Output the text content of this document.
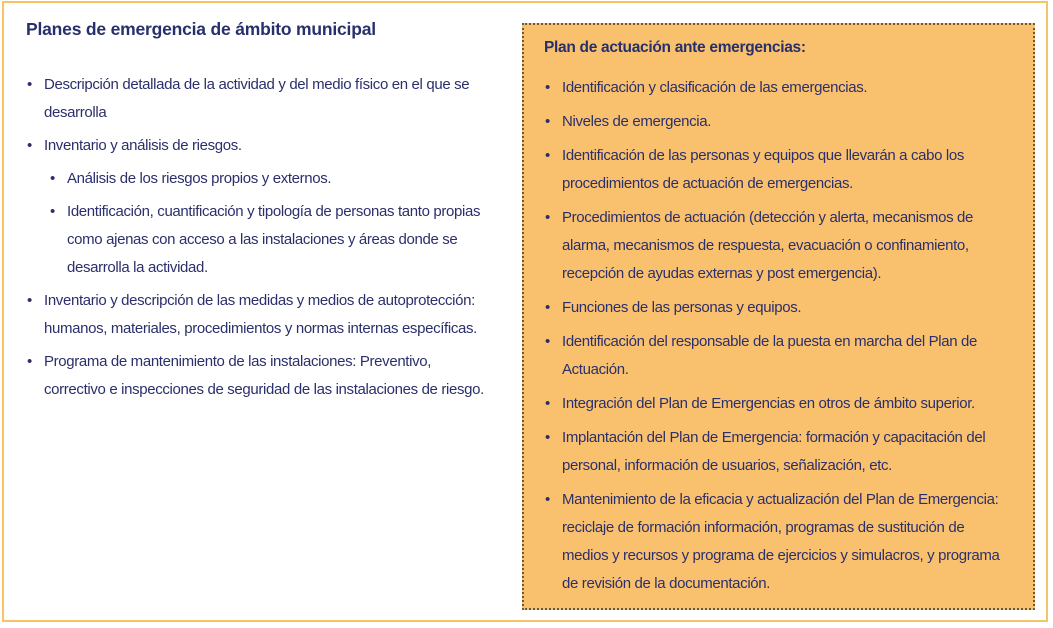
Planes de emergencia de ámbito municipal
• Descripción detallada de la actividad y del medio físico en el que se desarrolla
• Inventario y análisis de riesgos.
• Análisis de los riesgos propios y externos.
• Identificación, cuantificación y tipología de personas tanto propias como ajenas con acceso a las instalaciones y áreas donde se desarrolla la actividad.
• Inventario y descripción de las medidas y medios de autoprotección: humanos, materiales, procedimientos y normas internas específicas.
• Programa de mantenimiento de las instalaciones: Preventivo, correctivo e inspecciones de seguridad de las instalaciones de riesgo.
Plan de actuación ante emergencias:
• Identificación y clasificación de las emergencias.
• Niveles de emergencia.
• Identificación de las personas y equipos que llevarán a cabo los procedimientos de actuación de emergencias.
• Procedimientos de actuación (detección y alerta, mecanismos de alarma, mecanismos de respuesta, evacuación o confinamiento, recepción de ayudas externas y post emergencia).
• Funciones de las personas y equipos.
• Identificación del responsable de la puesta en marcha del Plan de Actuación.
• Integración del Plan de Emergencias en otros de ámbito superior.
• Implantación del Plan de Emergencia: formación y capacitación del personal, información de usuarios, señalización, etc.
• Mantenimiento de la eficacia y actualización del Plan de Emergencia: reciclaje de formación información, programas de sustitución de medios y recursos y programa de ejercicios y simulacros, y programa de revisión de la documentación.
